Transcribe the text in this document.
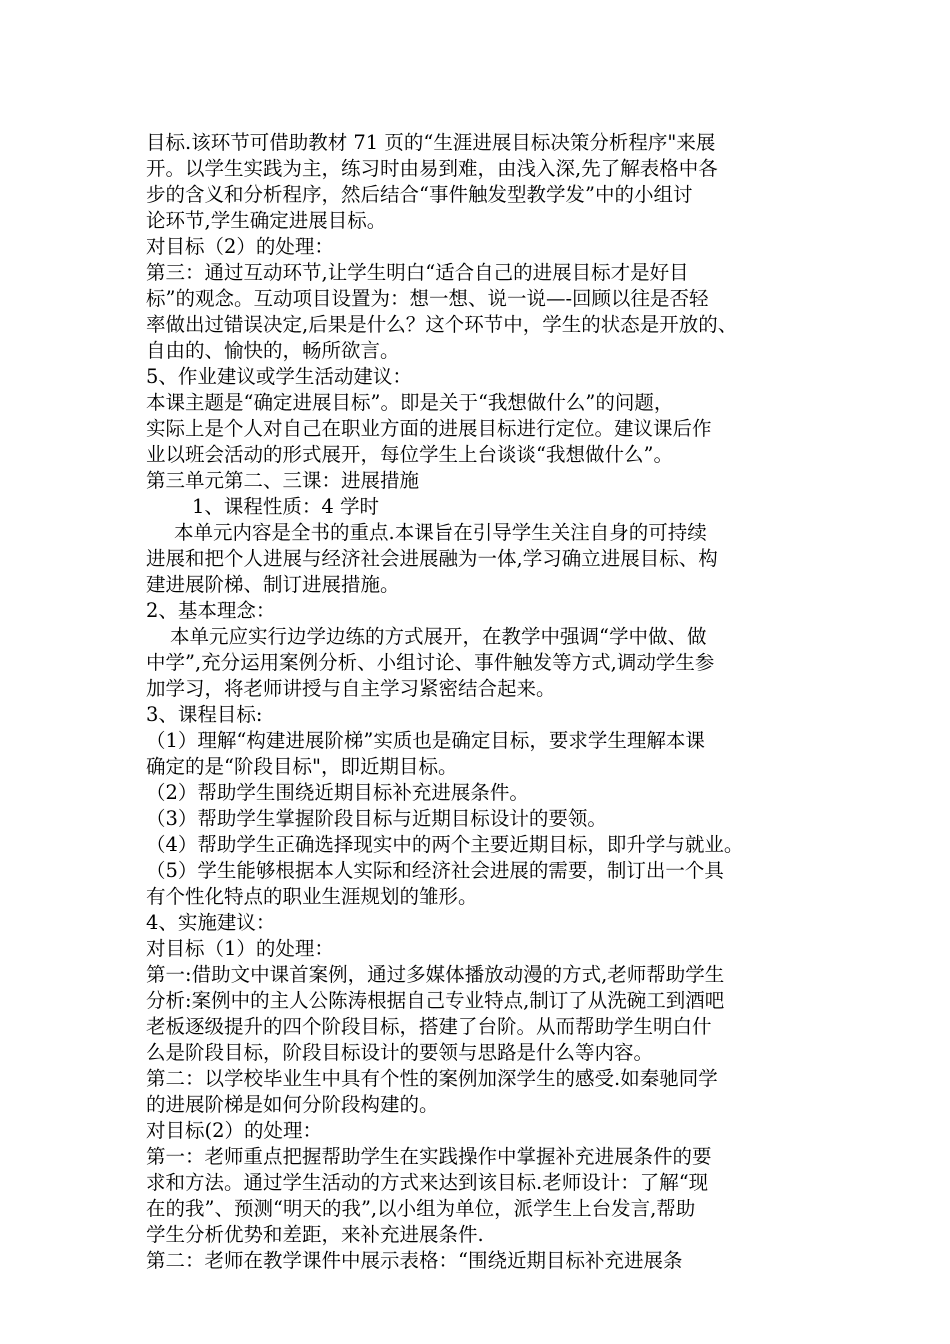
目标.该环节可借助教材 71 页的“生涯进展目标决策分析程序"来展
开。以学生实践为主，练习时由易到难，由浅入深,先了解表格中各
步的含义和分析程序，然后结合“事件触发型教学发”中的小组讨
论环节,学生确定进展目标。
对目标（2）的处理：
第三：通过互动环节,让学生明白“适合自己的进展目标才是好目
标”的观念。互动项目设置为：想一想、说一说—-回顾以往是否轻
率做出过错误决定,后果是什么？这个环节中，学生的状态是开放的、
自由的、愉快的，畅所欲言。
5、作业建议或学生活动建议：
本课主题是“确定进展目标”。即是关于“我想做什么”的问题，
实际上是个人对自己在职业方面的进展目标进行定位。建议课后作
业以班会活动的形式展开，每位学生上台谈谈“我想做什么”。
第三单元第二、三课：进展措施
1、课程性质：4 学时
本单元内容是全书的重点.本课旨在引导学生关注自身的可持续
进展和把个人进展与经济社会进展融为一体,学习确立进展目标、构
建进展阶梯、制订进展措施。
2、基本理念：
本单元应实行边学边练的方式展开，在教学中强调“学中做、做
中学”,充分运用案例分析、小组讨论、事件触发等方式,调动学生参
加学习，将老师讲授与自主学习紧密结合起来。
3、课程目标:
（1）理解“构建进展阶梯”实质也是确定目标，要求学生理解本课
确定的是“阶段目标"，即近期目标。
（2）帮助学生围绕近期目标补充进展条件。
（3）帮助学生掌握阶段目标与近期目标设计的要领。
（4）帮助学生正确选择现实中的两个主要近期目标，即升学与就业。
（5）学生能够根据本人实际和经济社会进展的需要，制订出一个具
有个性化特点的职业生涯规划的雏形。
4、实施建议：
对目标（1）的处理：
第一:借助文中课首案例，通过多媒体播放动漫的方式,老师帮助学生
分析:案例中的主人公陈涛根据自己专业特点,制订了从洗碗工到酒吧
老板逐级提升的四个阶段目标，搭建了台阶。从而帮助学生明白什
么是阶段目标，阶段目标设计的要领与思路是什么等内容。
第二：以学校毕业生中具有个性的案例加深学生的感受.如秦驰同学
的进展阶梯是如何分阶段构建的。
对目标(2）的处理：
第一：老师重点把握帮助学生在实践操作中掌握补充进展条件的要
求和方法。通过学生活动的方式来达到该目标.老师设计：了解“现
在的我”、预测“明天的我”,以小组为单位，派学生上台发言,帮助
学生分析优势和差距，来补充进展条件.
第二：老师在教学课件中展示表格：“围绕近期目标补充进展条
